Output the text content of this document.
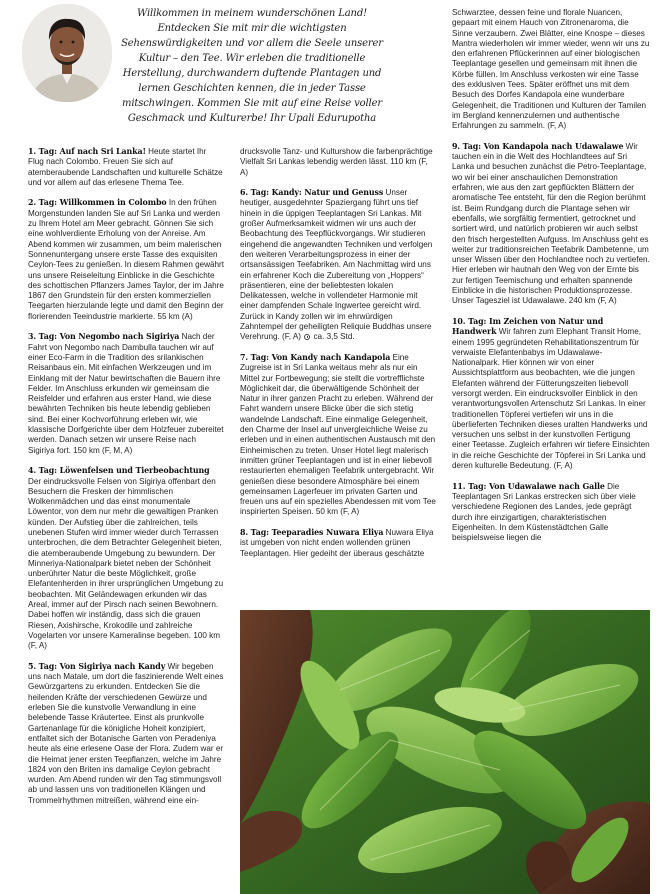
Willkommen in meinem wunderschönen Land! Entdecken Sie mit mir die wichtigsten Sehenswürdigkeiten und vor allem die Seele unserer Kultur – den Tee. Wir erleben die traditionelle Herstellung, durchwandern duftende Plantagen und lernen Geschichten kennen, die in jeder Tasse mitschwingen. Kommen Sie mit auf eine Reise voller Geschmack und Kulturerbe! Ihr Upali Edurupotha

1. Tag: Auf nach Sri Lanka! Heute startet Ihr Flug nach Colombo. Freuen Sie sich auf atemberaubende Landschaften und kulturelle Schätze und vor allem auf das erlesene Thema Tee.

2. Tag: Willkommen in Colombo In den frühen Morgenstunden landen Sie auf Sri Lanka und werden zu Ihrem Hotel am Meer gebracht. Gönnen Sie sich eine wohlverdiente Erholung von der Anreise. Am Abend kommen wir zusammen, um beim malerischen Sonnenuntergang unsere erste Tasse des exquisiten Ceylon-Tees zu genießen. In diesem Rahmen gewährt uns unsere Reiseleitung Einblicke in die Geschichte des schottischen Pflanzers James Taylor, der im Jahre 1867 den Grundstein für den ersten kommerziellen Teegarten hierzulande legte und damit den Beginn der florierenden Teeindustrie markierte. 55 km (A)

3. Tag: Von Negombo nach Sigiriya Nach der Fahrt von Negombo nach Dambulla tauchen wir auf einer Eco-Farm in die Tradition des srilankischen Reisanbaus ein. Mit einfachen Werkzeugen und im Einklang mit der Natur bewirtschaften die Bauern ihre Felder. Im Anschluss erkunden wir gemeinsam die Reisfelder und erfahren aus erster Hand, wie diese bewährten Techniken bis heute lebendig geblieben sind. Bei einer Kochvorführung erleben wir, wie klassische Dorfgerichte über dem Holzfeuer zubereitet werden. Danach setzen wir unsere Reise nach Sigiriya fort. 150 km (F, M, A)

4. Tag: Löwenfelsen und Tierbeobachtung Der eindrucksvolle Felsen von Sigiriya offenbart den Besuchern die Fresken der himmlischen Wolkenmädchen und das einst monumentale Löwentor, von dem nur mehr die gewaltigen Pranken künden. Der Aufstieg über die zahlreichen, teils unebenen Stufen wird immer wieder durch Terrassen unterbrochen, die dem Betrachter Gelegenheit bieten, die atemberaubende Umgebung zu bewundern. Der Minneriya-Nationalpark bietet neben der Schönheit unberührter Natur die beste Möglichkeit, große Elefantenherden in ihrer ursprünglichen Umgebung zu beobachten. Mit Geländewagen erkunden wir das Areal, immer auf der Pirsch nach seinen Bewohnern. Dabei hoffen wir inständig, dass sich die grauen Riesen, Axishirsche, Krokodile und zahlreiche Vogelarten vor unsere Kameralinse begeben. 100 km (F, A)

5. Tag: Von Sigiriya nach Kandy Wir begeben uns nach Matale, um dort die faszinierende Welt eines Gewürzgartens zu erkunden. Entdecken Sie die heilenden Kräfte der verschiedenen Gewürze und erleben Sie die kunstvolle Verwandlung in eine belebende Tasse Kräutertee. Einst als prunkvolle Gartenanlage für die königliche Hoheit konzipiert, entfaltet sich der Botanische Garten von Peradeniya heute als eine erlesene Oase der Flora. Zudem war er die Heimat jener ersten Teepflanzen, welche im Jahre 1824 von den Briten ins damalige Ceylon gebracht wurden. Am Abend runden wir den Tag stimmungsvoll ab und lassen uns von traditionellen Klängen und Trommelrhythmen mitreißen, während eine ein-

drucksvolle Tanz- und Kulturshow die farbenprächtige Vielfalt Sri Lankas lebendig werden lässt. 110 km (F, A)

6. Tag: Kandy: Natur und Genuss Unser heutiger, ausgedehnter Spaziergang führt uns tief hinein in die üppigen Teeplantagen Sri Lankas. Mit großer Aufmerksamkeit widmen wir uns auch der Beobachtung des Teepflückvorgangs. Wir studieren eingehend die angewandten Techniken und verfolgen den weiteren Verarbeitungsprozess in einer der ortsansässigen Teefabriken. Am Nachmittag wird uns ein erfahrener Koch die Zubereitung von „Hoppers“ präsentieren, eine der beliebtesten lokalen Delikatessen, welche in vollendeter Harmonie mit einer dampfenden Schale Ingwertee gereicht wird. Zurück in Kandy zollen wir im ehrwürdigen Zahntempel der geheiligten Reliquie Buddhas unsere Verehrung. (F, A)  ca. 3,5 Std.

7. Tag: Von Kandy nach Kandapola Eine Zugreise ist in Sri Lanka weitaus mehr als nur ein Mittel zur Fortbewegung; sie stellt die vortrefflichste Möglichkeit dar, die überwältigende Schönheit der Natur in ihrer ganzen Pracht zu erleben. Während der Fahrt wandern unsere Blicke über die sich stetig wandelnde Landschaft. Eine einmalige Gelegenheit, den Charme der Insel auf unvergleichliche Weise zu erleben und in einen authentischen Austausch mit den Einheimischen zu treten. Unser Hotel liegt malerisch inmitten grüner Teeplantagen und ist in einer liebevoll restaurierten ehemaligen Teefabrik untergebracht. Wir genießen diese besondere Atmosphäre bei einem gemeinsamen Lagerfeuer im privaten Garten und freuen uns auf ein spezielles Abendessen mit vom Tee inspirierten Speisen. 50 km (F, A)

8. Tag: Teeparadies Nuwara Eliya Nuwara Eliya ist umgeben von nicht enden wollenden grünen Teeplantagen. Hier gedeiht der überaus geschätzte

Schwarztee, dessen feine und florale Nuancen, gepaart mit einem Hauch von Zitronenaroma, die Sinne verzaubern. Zwei Blätter, eine Knospe – dieses Mantra wiederholen wir immer wieder, wenn wir uns zu den erfahrenen Pflückerinnen auf einer biologischen Teeplantage gesellen und gemeinsam mit ihnen die Körbe füllen. Im Anschluss verkosten wir eine Tasse des exklusiven Tees. Später eröffnet uns mit dem Besuch des Dorfes Kandapola eine wunderbare Gelegenheit, die Traditionen und Kulturen der Tamilen im Bergland kennenzulernen und authentische Erfahrungen zu sammeln. (F, A)

9. Tag: Von Kandapola nach Udawalawe Wir tauchen ein in die Welt des Hochlandtees auf Sri Lanka und besuchen zunächst die Petro-Teeplantage, wo wir bei einer anschaulichen Demonstration erfahren, wie aus den zart gepflückten Blättern der aromatische Tee entsteht, für den die Region berühmt ist. Beim Rundgang durch die Plantage sehen wir ebenfalls, wie sorgfältig fermentiert, getrocknet und sortiert wird, und natürlich probieren wir auch selbst den frisch hergestellten Aufguss. Im Anschluss geht es weiter zur traditionsreichen Teefabrik Dambetenne, um unser Wissen über den Hochlandtee noch zu vertiefen. Hier erleben wir hautnah den Weg von der Ernte bis zur fertigen Teemischung und erhalten spannende Einblicke in die historischen Produktionsprozesse. Unser Tagesziel ist Udawalawe. 240 km (F, A)

10. Tag: Im Zeichen von Natur und Handwerk Wir fahren zum Elephant Transit Home, einem 1995 gegründeten Rehabilitationszentrum für verwaiste Elefantenbabys im Udawalawe-Nationalpark. Hier können wir von einer Aussichtsplattform aus beobachten, wie die jungen Elefanten während der Fütterungszeiten liebevoll versorgt werden. Ein eindrucksvoller Einblick in den verantwortungsvollen Artenschutz Sri Lankas. In einer traditionellen Töpferei vertiefen wir uns in die überlieferten Techniken dieses uralten Handwerks und versuchen uns selbst in der kunstvollen Fertigung einer Teetasse. Zugleich erfahren wir tiefere Einsichten in die reiche Geschichte der Töpferei in Sri Lanka und deren kulturelle Bedeutung. (F, A)

11. Tag: Von Udawalawe nach Galle Die Teeplantagen Sri Lankas erstrecken sich über viele verschiedene Regionen des Landes, jede geprägt durch ihre einzigartigen, charakteristischen Eigenheiten. In dem Küstenstädtchen Galle beispielsweise liegen die
